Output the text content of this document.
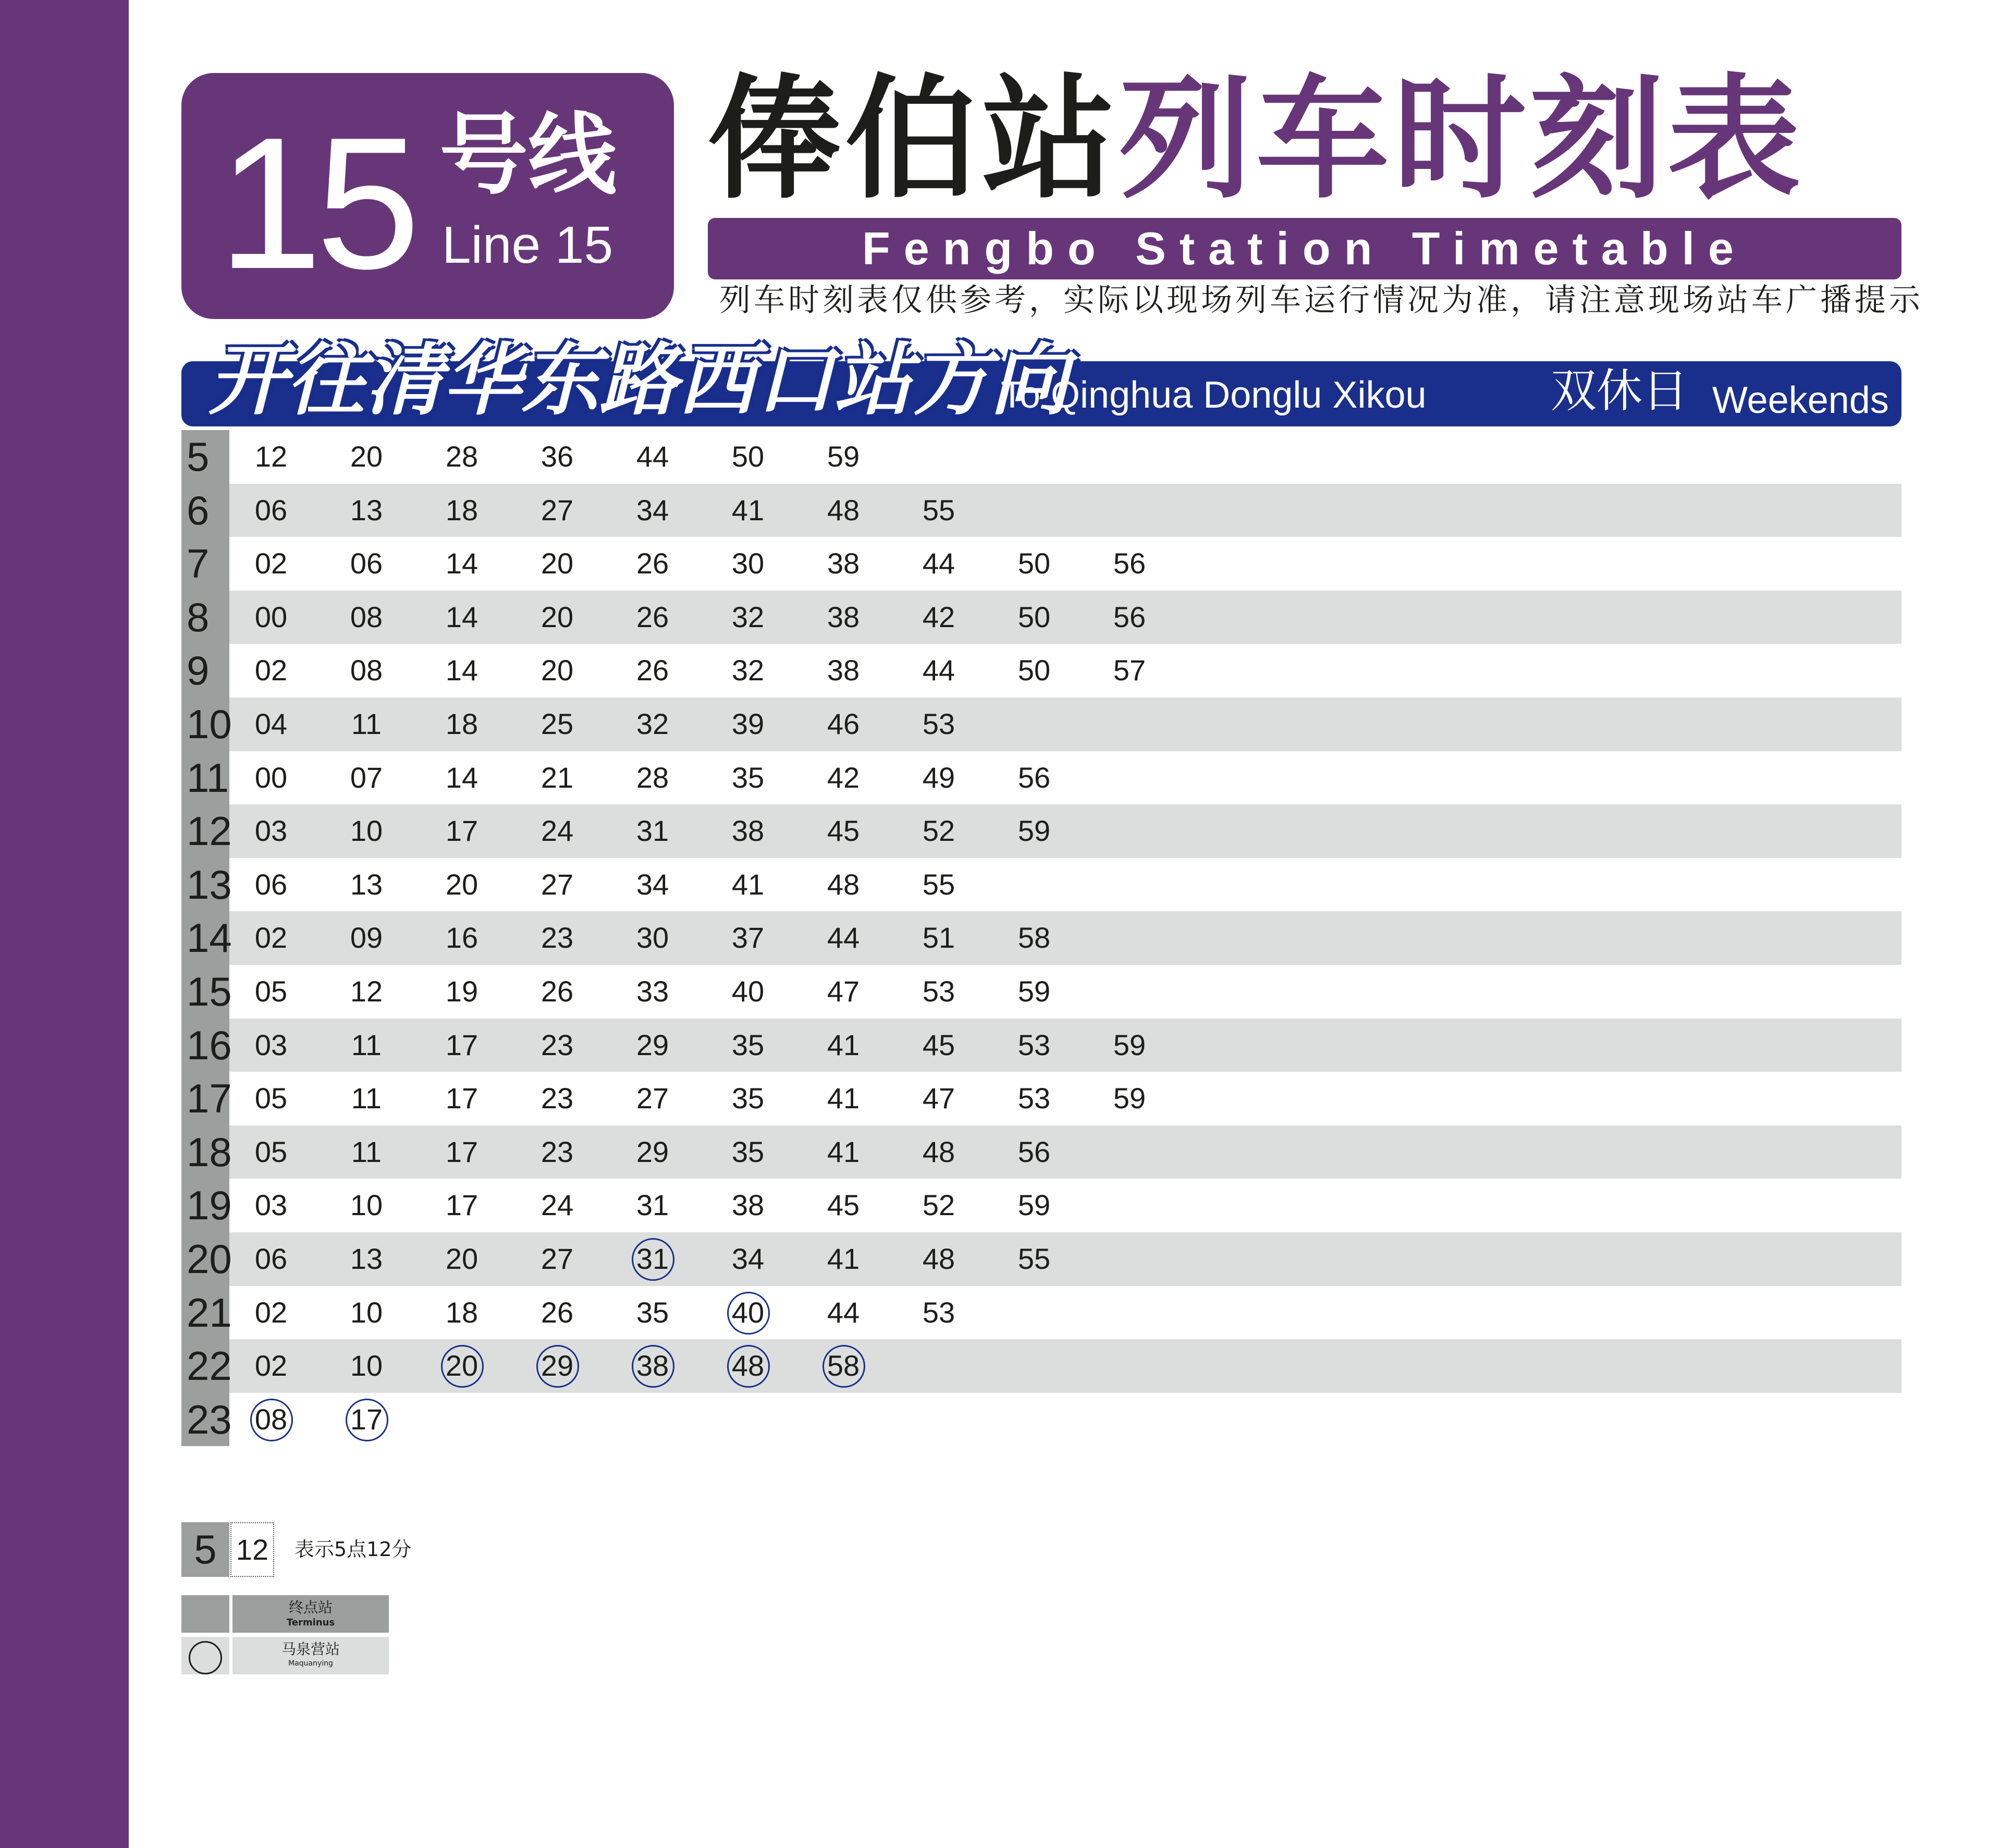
15 号线
Line 15
俸伯站列车时刻表
Fengbo Station Timetable
列车时刻表仅供参考，实际以现场列车运行情况为准，请注意现场站车广播提示
开往清华东路西口站方向
To Qinghua Donglu Xikou	双休日 Weekends
5	12	20	28	36	44	50	59
6	06	13	18	27	34	41	48	55
7	02	06	14	20	26	30	38	44	50	56
8	00	08	14	20	26	32	38	42	50	56
9	02	08	14	20	26	32	38	44	50	57
10 04	11	18	25	32	39	46	53
11 00	07	14	21	28	35	42	49	56
12 03	10	17	24	31	38	45	52	59
13 06	13	20	27	34	41	48	55
14 02	09	16	23	30	37	44	51	58
15 05	12	19	26	33	40	47	53	59
16 03	11	17	23	29	35	41	45	53	59
17 05	11	17	23	27	35	41	47	53	59
18 05	11	17	23	29	35	41	48	56
19 03	10	17	24	31	38	45	52	59
20 06	13	20	27	31	34	41	48	55
21 02	10	18	26	35	40	44	53
22 02	10	20	29	38	48	58
23 08	17
5 12 表示5点12分
终点站
Terminus
马泉营站
Maquanying
